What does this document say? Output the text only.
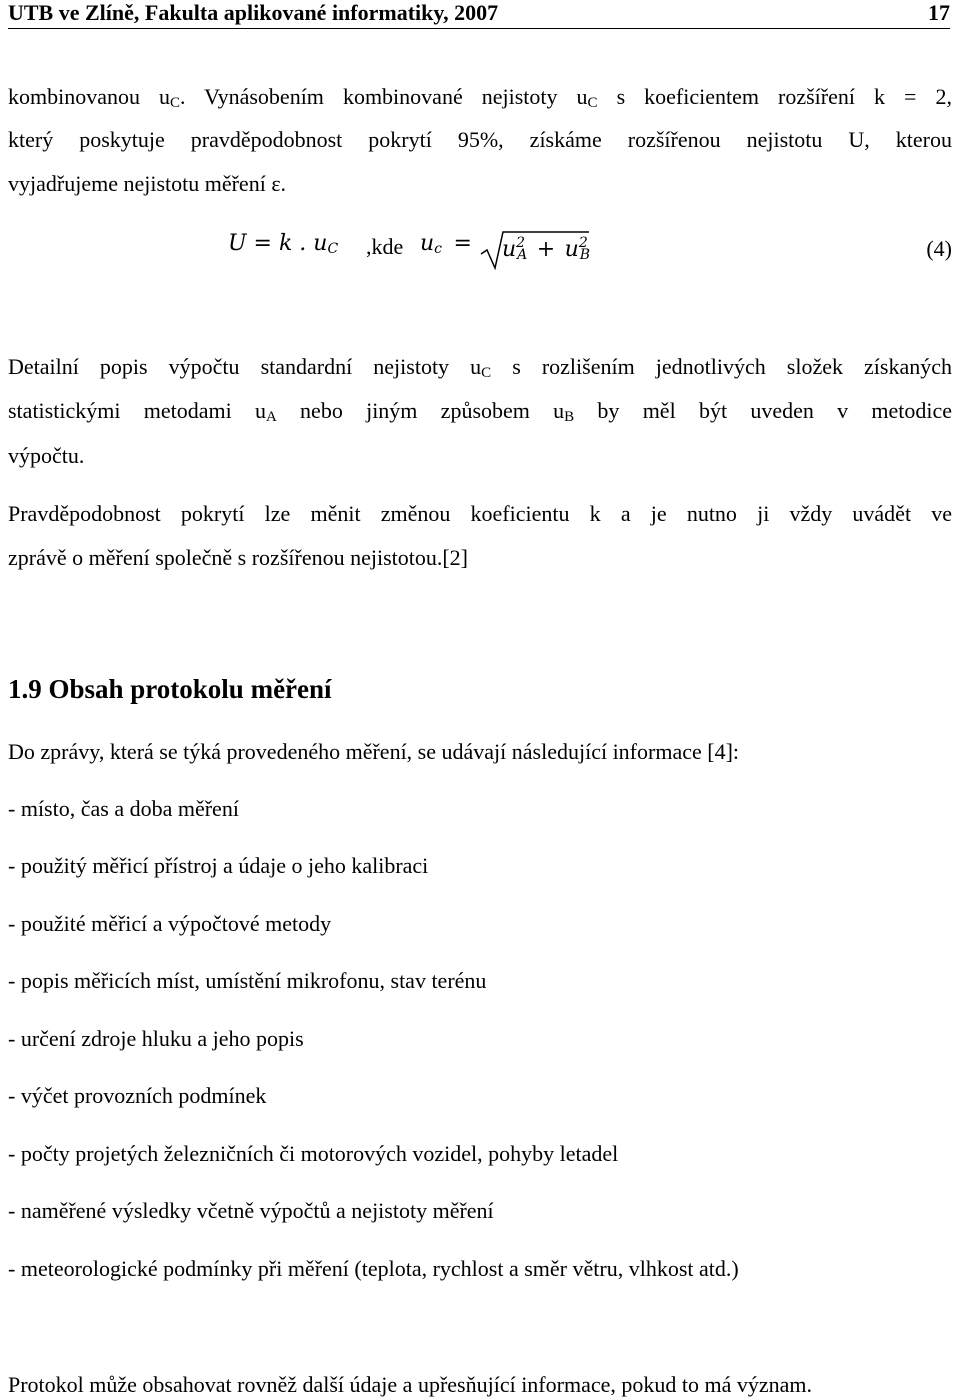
UTB ve Zlíně, Fakulta aplikované informatiky, 2007	17
kombinovanou $u_C$. Vynásobením kombinované nejistoty $u_C$ s koeficientem rozšíření k = 2,
který poskytuje pravděpodobnost pokrytí 95%, získáme rozšířenou nejistotu U, kterou
vyjadřujeme nejistotu měření ε.
U = k . $u_C$ ,kde $u_c = u^2_A + u^2_B$	(4)
Detailní popis výpočtu standardní nejistoty $u_C$ s rozlišením jednotlivých složek získaných
statistickými metodami $u_A$ nebo jiným způsobem $u_B$ by měl být uveden v metodice
výpočtu.
Pravděpodobnost pokrytí lze měnit změnou koeficientu k a je nutno ji vždy uvádět ve
zprávě o měření společně s rozšířenou nejistotou.[2]
1.9 Obsah protokolu měření
Do zprávy, která se týká provedeného měření, se udávají následující informace [4]:
- místo, čas a doba měření
- použitý měřicí přístroj a údaje o jeho kalibraci
- použité měřicí a výpočtové metody
- popis měřicích míst, umístění mikrofonu, stav terénu
- určení zdroje hluku a jeho popis
- výčet provozních podmínek
- počty projetých železničních či motorových vozidel, pohyby letadel
- naměřené výsledky včetně výpočtů a nejistoty měření
- meteorologické podmínky při měření (teplota, rychlost a směr větru, vlhkost atd.)
Protokol může obsahovat rovněž další údaje a upřesňující informace, pokud to má význam.
